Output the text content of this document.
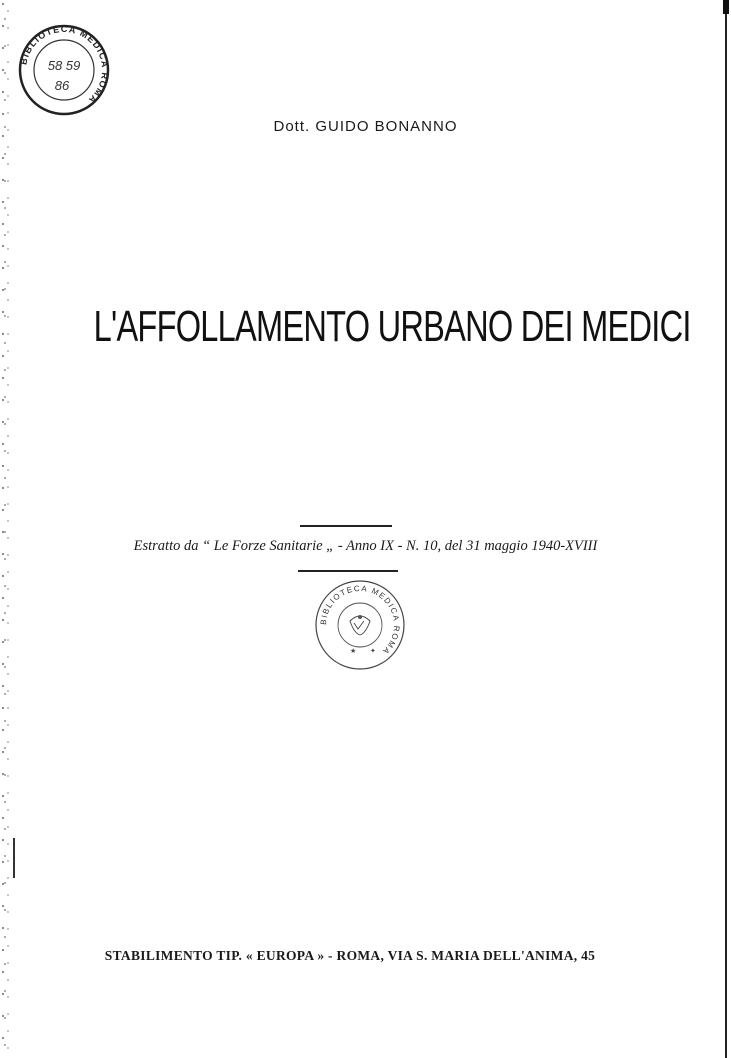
BIBLIOTECA MEDICA ROMA
58 59
86
Dott. GUIDO BONANNO
L'AFFOLLAMENTO URBANO DEI MEDICI
Estratto da “ Le Forze Sanitarie „ - Anno IX - N. 10, del 31 maggio 1940-XVIII
BIBLIOTECA MEDICA ROMA
★ ✦
STABILIMENTO TIP. « EUROPA » - ROMA, VIA S. MARIA DELL'ANIMA, 45
